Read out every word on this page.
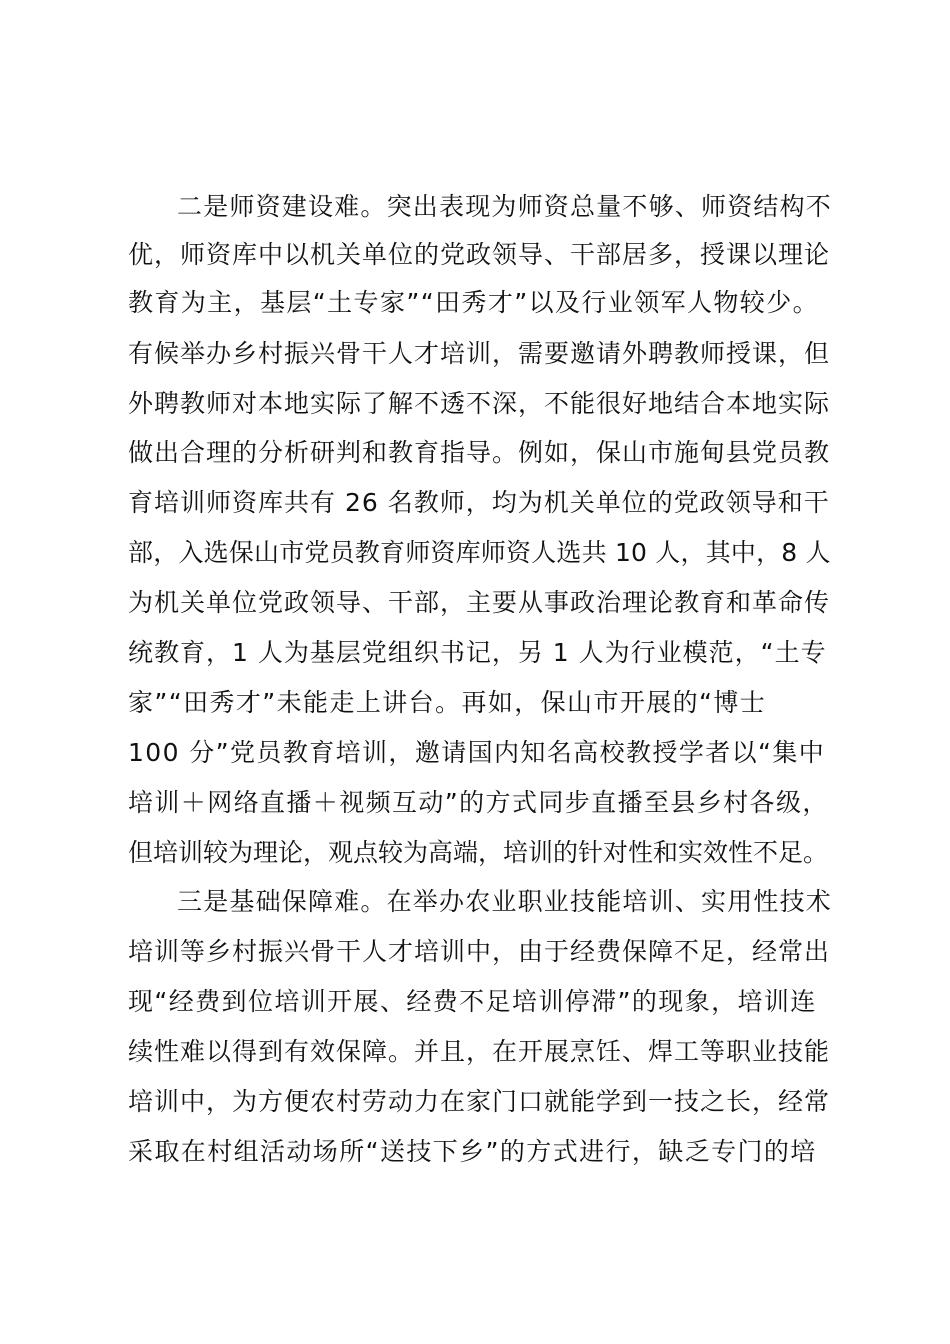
二是师资建设难。突出表现为师资总量不够、师资结构不
优，师资库中以机关单位的党政领导、干部居多，授课以理论
教育为主，基层“土专家”“田秀才”以及行业领军人物较少。
有候举办乡村振兴骨干人才培训，需要邀请外聘教师授课，但
外聘教师对本地实际了解不透不深，不能很好地结合本地实际
做出合理的分析研判和教育指导。例如，保山市施甸县党员教
育培训师资库共有 26 名教师，均为机关单位的党政领导和干
部，入选保山市党员教育师资库师资人选共 10 人，其中，8 人
为机关单位党政领导、干部，主要从事政治理论教育和革命传
统教育，1 人为基层党组织书记，另 1 人为行业模范，“土专
家”“田秀才”未能走上讲台。再如，保山市开展的“博士
100 分”党员教育培训，邀请国内知名高校教授学者以“集中
培训＋网络直播＋视频互动”的方式同步直播至县乡村各级，
但培训较为理论，观点较为高端，培训的针对性和实效性不足。
三是基础保障难。在举办农业职业技能培训、实用性技术
培训等乡村振兴骨干人才培训中，由于经费保障不足，经常出
现“经费到位培训开展、经费不足培训停滞”的现象，培训连
续性难以得到有效保障。并且，在开展烹饪、焊工等职业技能
培训中，为方便农村劳动力在家门口就能学到一技之长，经常
采取在村组活动场所“送技下乡”的方式进行，缺乏专门的培
